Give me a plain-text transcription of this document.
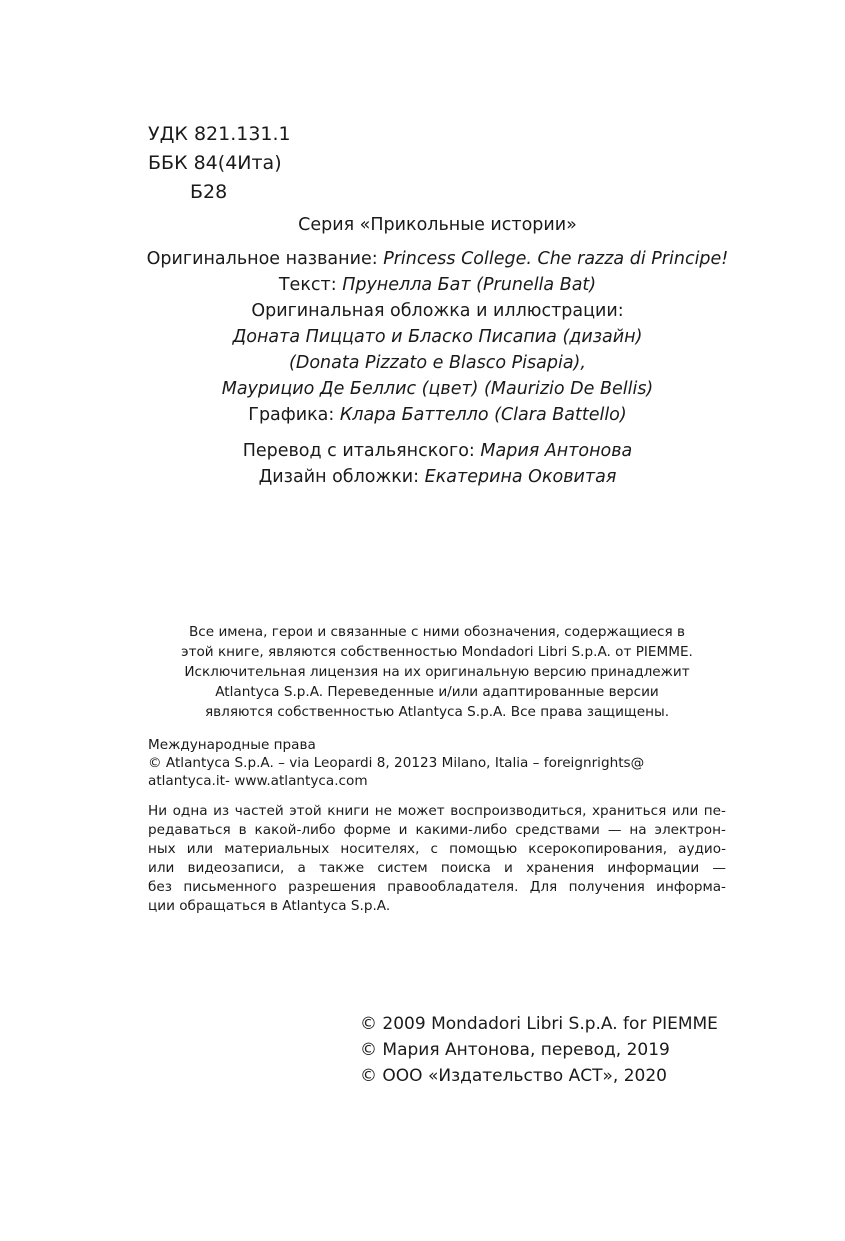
УДК 821.131.1
ББК 84(4Ита)
Б28
Серия «Прикольные истории»
Оригинальное название: Princess College. Che razza di Principe!
Текст: Прунелла Бат (Prunella Bat)
Оригинальная обложка и иллюстрации:
Доната Пиццато и Бласко Писапиа (дизайн)
(Donata Pizzato e Blasco Pisapia),
Маурицио Де Беллис (цвет) (Maurizio De Bellis)
Графика: Клара Баттелло (Clara Battello)
Перевод с итальянского: Мария Антонова
Дизайн обложки: Екатерина Оковитая
Все имена, герои и связанные с ними обозначения, содержащиеся в
этой книге, являются собственностью Mondadori Libri S.p.A. от PIEMME.
Исключительная лицензия на их оригинальную версию принадлежит
Atlantyca S.p.A. Переведенные и/или адаптированные версии
являются собственностью Atlantyca S.p.A. Все права защищены.
Международные права
© Atlantyca S.p.A. – via Leopardi 8, 20123 Milano, Italia – foreignrights@
atlantyca.it- www.atlantyca.com
Ни одна из частей этой книги не может воспроизводиться, храниться или пе-
редаваться в какой-либо форме и какими-либо средствами — на электрон-
ных или материальных носителях, с помощью ксерокопирования, аудио-
или видеозаписи, а также систем поиска и хранения информации —
без письменного разрешения правообладателя. Для получения информа-
ции обращаться в Atlantyca S.p.A.
© 2009 Mondadori Libri S.p.A. for PIEMME
© Мария Антонова, перевод, 2019
© ООО «Издательство АСТ», 2020
